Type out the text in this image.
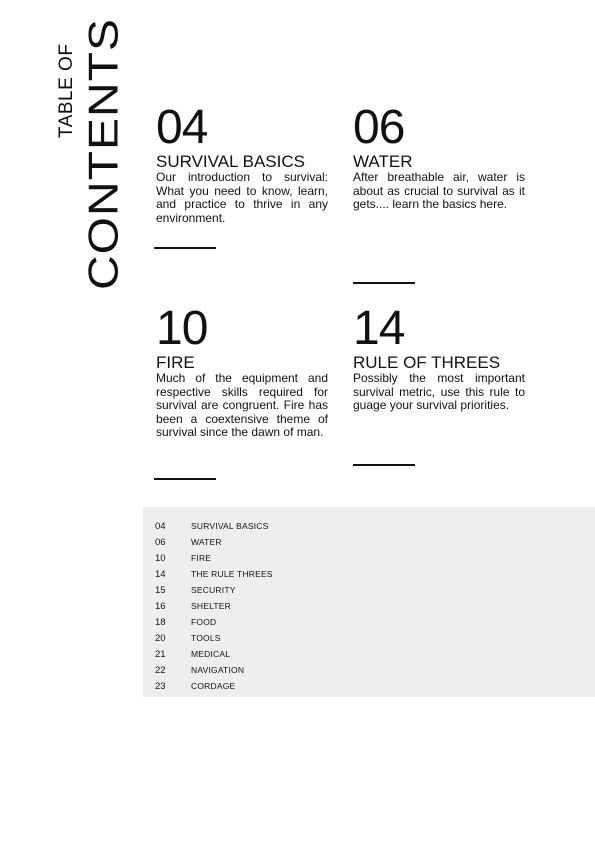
TABLE OF CONTENTS 04
SURVIVAL BASICS
Our introduction to survival: What you need to know, learn, and practice to thrive in any environment.
06
WATER
After breathable air, water is about as crucial to survival as it gets.... learn the basics here.
10
FIRE
Much of the equipment and respective skills required for survival are congruent. Fire has been a coextensive theme of survival since the dawn of man.
14
RULE OF THREES
Possibly the most important survival metric, use this rule to guage your survival priorities.
04	SURVIVAL BASICS
06	WATER
10	FIRE
14	THE RULE THREES
15	SECURITY
16	SHELTER
18	FOOD
20	TOOLS
21	MEDICAL
22	NAVIGATION
23	CORDAGE
